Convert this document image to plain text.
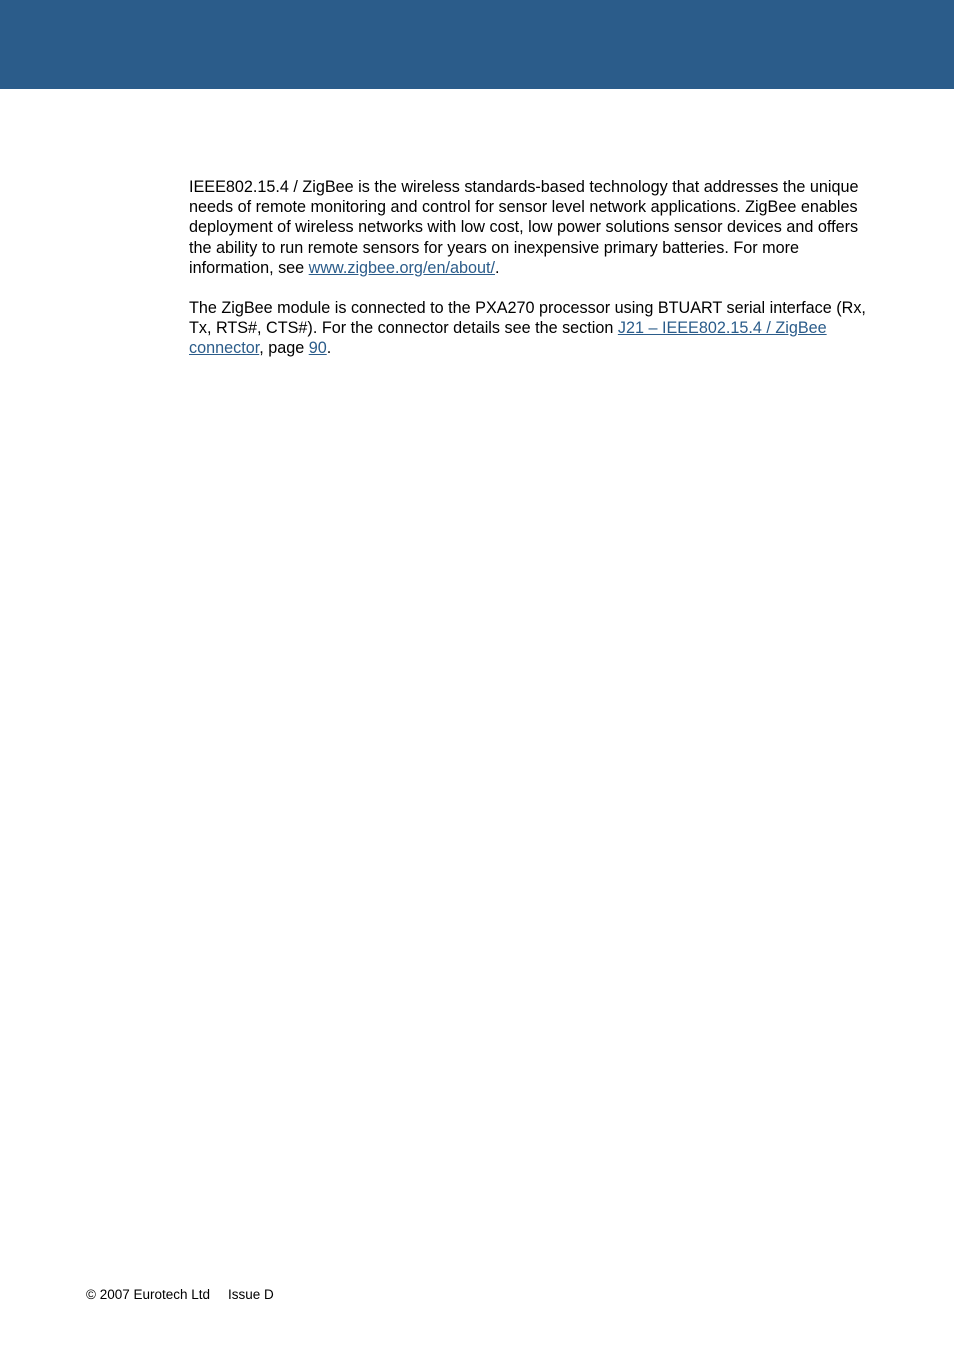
IEEE802.15.4 / ZigBee is the wireless standards-based technology that addresses the unique needs of remote monitoring and control for sensor level network applications. ZigBee enables deployment of wireless networks with low cost, low power solutions sensor devices and offers the ability to run remote sensors for years on inexpensive primary batteries. For more information, see www.zigbee.org/en/about/.

The ZigBee module is connected to the PXA270 processor using BTUART serial interface (Rx, Tx, RTS#, CTS#). For the connector details see the section J21 – IEEE802.15.4 / ZigBee connector, page 90.

© 2007 Eurotech Ltd Issue D
